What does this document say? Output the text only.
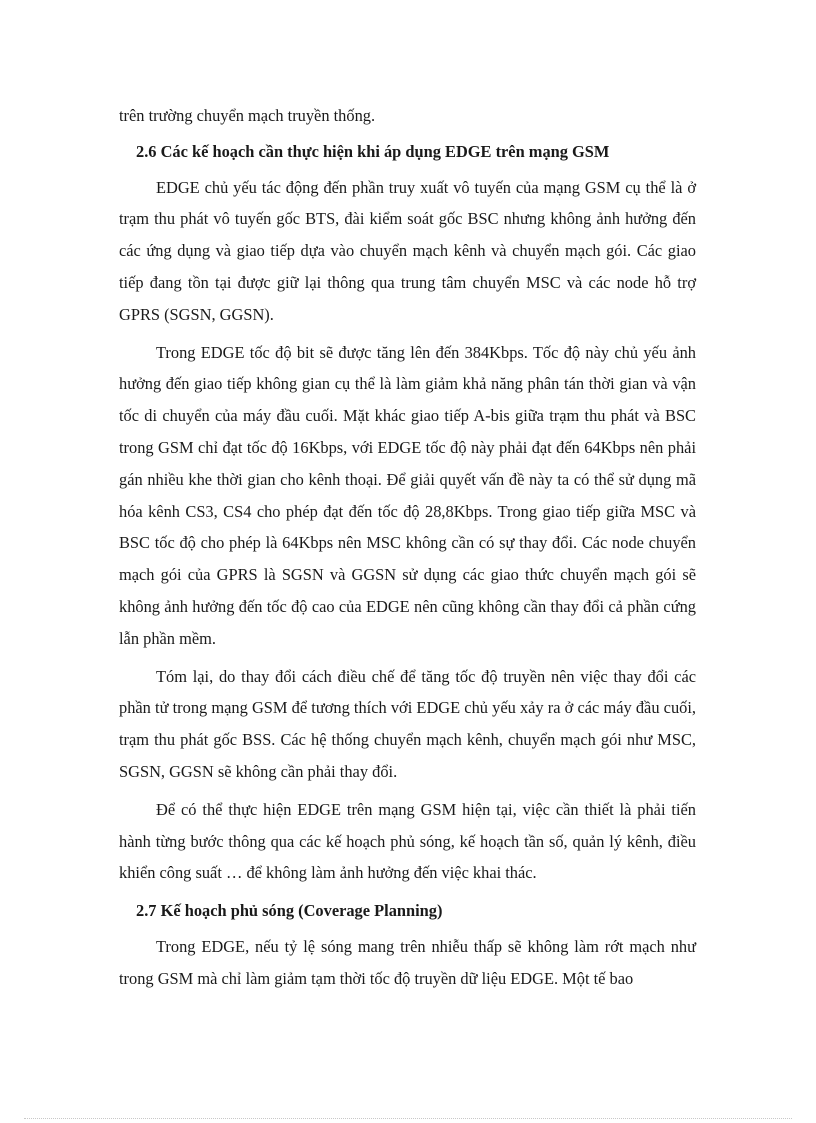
trên trường chuyển mạch truyền thống.

2.6 Các kế hoạch cần thực hiện khi áp dụng EDGE trên mạng GSM

EDGE chủ yếu tác động đến phần truy xuất vô tuyến của mạng GSM cụ thể là ở trạm thu phát vô tuyến gốc BTS, đài kiểm soát gốc BSC nhưng không ảnh hưởng đến các ứng dụng và giao tiếp dựa vào chuyển mạch kênh và chuyển mạch gói. Các giao tiếp đang tồn tại được giữ lại thông qua trung tâm chuyển MSC và các node hỗ trợ GPRS (SGSN, GGSN).

Trong EDGE tốc độ bit sẽ được tăng lên đến 384Kbps. Tốc độ này chủ yếu ảnh hưởng đến giao tiếp không gian cụ thể là làm giảm khả năng phân tán thời gian và vận tốc di chuyển của máy đầu cuối. Mặt khác giao tiếp A-bis giữa trạm thu phát và BSC trong GSM chỉ đạt tốc độ 16Kbps, với EDGE tốc độ này phải đạt đến 64Kbps nên phải gán nhiều khe thời gian cho kênh thoại. Để giải quyết vấn đề này ta có thể sử dụng mã hóa kênh CS3, CS4 cho phép đạt đến tốc độ 28,8Kbps. Trong giao tiếp giữa MSC và BSC tốc độ cho phép là 64Kbps nên MSC không cần có sự thay đổi. Các node chuyển mạch gói của GPRS là SGSN và GGSN sử dụng các giao thức chuyển mạch gói sẽ không ảnh hưởng đến tốc độ cao của EDGE nên cũng không cần thay đổi cả phần cứng lẫn phần mềm.

Tóm lại, do thay đổi cách điều chế để tăng tốc độ truyền nên việc thay đổi các phần tử trong mạng GSM để tương thích với EDGE chủ yếu xảy ra ở các máy đầu cuối, trạm thu phát gốc BSS. Các hệ thống chuyển mạch kênh, chuyển mạch gói như MSC, SGSN, GGSN sẽ không cần phải thay đổi.

Để có thể thực hiện EDGE trên mạng GSM hiện tại, việc cần thiết là phải tiến hành từng bước thông qua các kế hoạch phủ sóng, kế hoạch tần số, quản lý kênh, điều khiển công suất … để không làm ảnh hưởng đến việc khai thác.

2.7 Kế hoạch phủ sóng (Coverage Planning)

Trong EDGE, nếu tỷ lệ sóng mang trên nhiễu thấp sẽ không làm rớt mạch như trong GSM mà chỉ làm giảm tạm thời tốc độ truyền dữ liệu EDGE. Một tế bao
